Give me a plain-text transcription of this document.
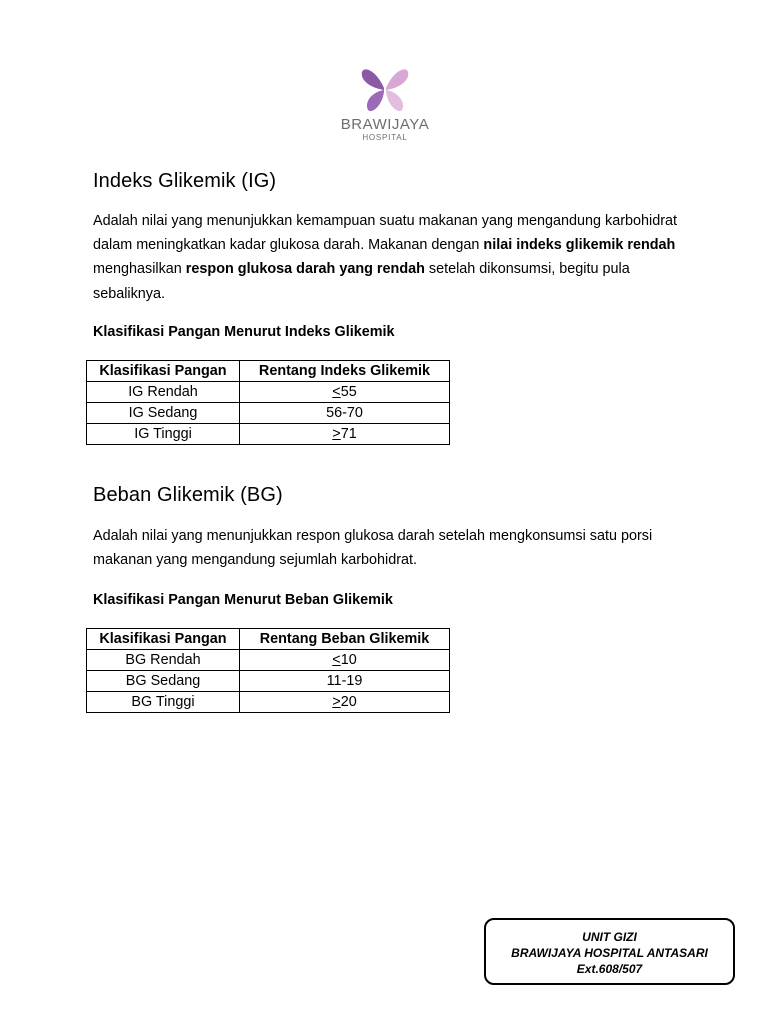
BRAWIJAYA
HOSPITAL
Indeks Glikemik (IG)

Adalah nilai yang menunjukkan kemampuan suatu makanan yang mengandung karbohidrat dalam meningkatkan kadar glukosa darah. Makanan dengan nilai indeks glikemik rendah menghasilkan respon glukosa darah yang rendah setelah dikonsumsi, begitu pula sebaliknya.

Klasifikasi Pangan Menurut Indeks Glikemik
Klasifikasi Pangan	Rentang Indeks Glikemik
IG Rendah	<55
IG Sedang	56-70
IG Tinggi	>71
Beban Glikemik (BG)

Adalah nilai yang menunjukkan respon glukosa darah setelah mengkonsumsi satu porsi makanan yang mengandung sejumlah karbohidrat.

Klasifikasi Pangan Menurut Beban Glikemik
Klasifikasi Pangan	Rentang Beban Glikemik
BG Rendah	<10
BG Sedang	11-19
BG Tinggi	>20
UNIT GIZI
BRAWIJAYA HOSPITAL ANTASARI
Ext.608/507
